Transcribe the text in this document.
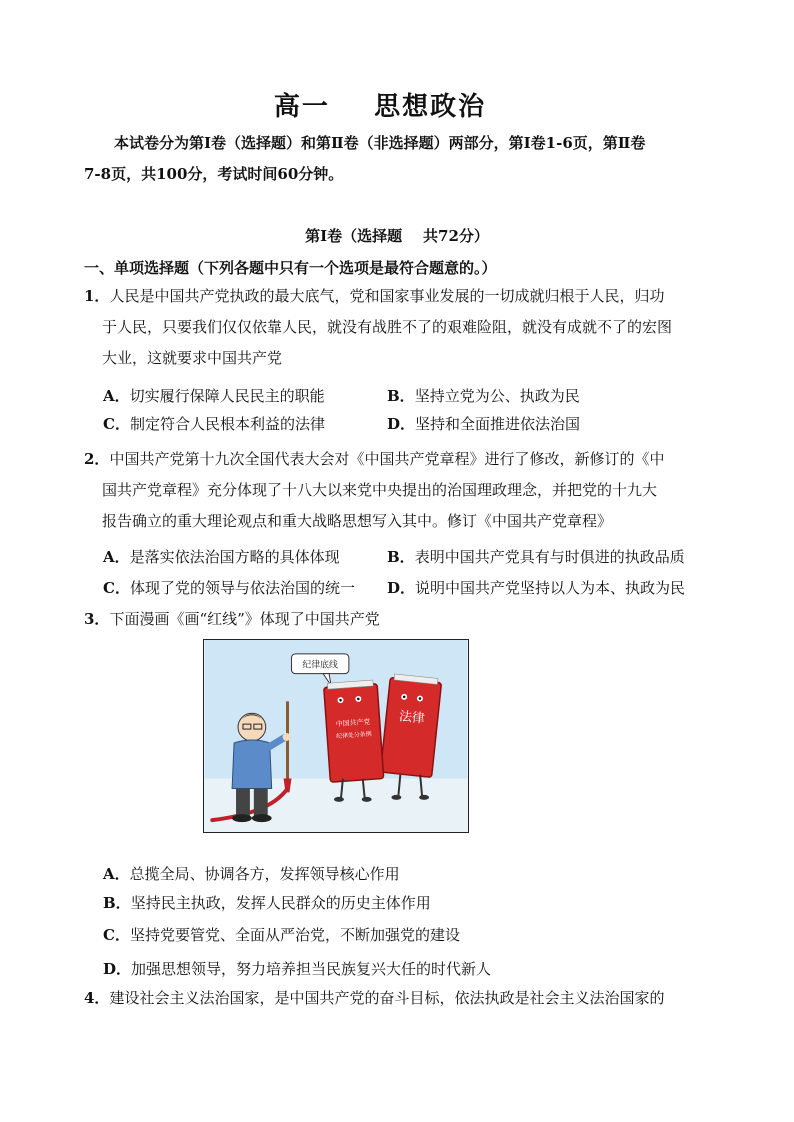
高一    思想政治
本试卷分为第Ⅰ卷（选择题）和第Ⅱ卷（非选择题）两部分，第Ⅰ卷1-6页，第Ⅱ卷
7-8页，共100分，考试时间60分钟。
第Ⅰ卷（选择题    共72分）
一、单项选择题（下列各题中只有一个选项是最符合题意的。）
1．人民是中国共产党执政的最大底气，党和国家事业发展的一切成就归根于人民，归功
于人民，只要我们仅仅依靠人民，就没有战胜不了的艰难险阻，就没有成就不了的宏图
大业，这就要求中国共产党
A．切实履行保障人民民主的职能	B．坚持立党为公、执政为民
C．制定符合人民根本利益的法律	D．坚持和全面推进依法治国
2．中国共产党第十九次全国代表大会对《中国共产党章程》进行了修改，新修订的《中
国共产党章程》充分体现了十八大以来党中央提出的治国理政理念，并把党的十九大
报告确立的重大理论观点和重大战略思想写入其中。修订《中国共产党章程》
A．是落实依法治国方略的具体体现	B．表明中国共产党具有与时俱进的执政品质
C．体现了党的领导与依法治国的统一 D．说明中国共产党坚持以人为本、执政为民
3．下面漫画《画“红线”》体现了中国共产党
纪律底线
法律
中国共产党
纪律处分条例
A．总揽全局、协调各方，发挥领导核心作用
B．坚持民主执政，发挥人民群众的历史主体作用
C．坚持党要管党、全面从严治党，不断加强党的建设
D．加强思想领导，努力培养担当民族复兴大任的时代新人
4．建设社会主义法治国家，是中国共产党的奋斗目标，依法执政是社会主义法治国家的
